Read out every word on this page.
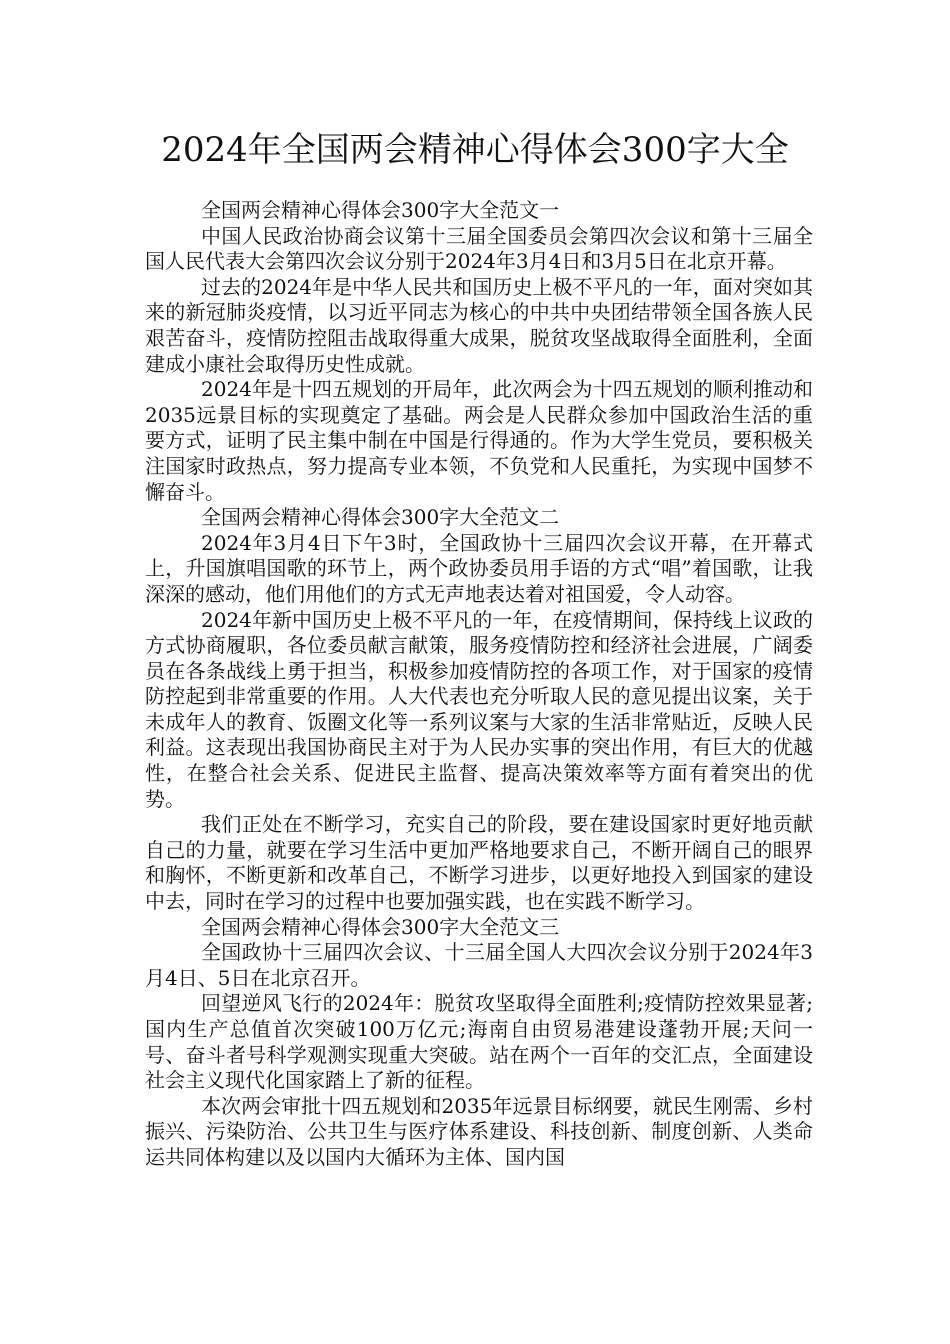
2024年全国两会精神心得体会300字大全

全国两会精神心得体会300字大全范文一

中国人民政治协商会议第十三届全国委员会第四次会议和第十三届全国人民代表大会第四次会议分别于2024年3月4日和3月5日在北京开幕。

过去的2024年是中华人民共和国历史上极不平凡的一年，面对突如其来的新冠肺炎疫情，以习近平同志为核心的中共中央团结带领全国各族人民艰苦奋斗，疫情防控阻击战取得重大成果，脱贫攻坚战取得全面胜利，全面建成小康社会取得历史性成就。

2024年是十四五规划的开局年，此次两会为十四五规划的顺利推动和2035远景目标的实现奠定了基础。两会是人民群众参加中国政治生活的重要方式，证明了民主集中制在中国是行得通的。作为大学生党员，要积极关注国家时政热点，努力提高专业本领，不负党和人民重托，为实现中国梦不懈奋斗。

全国两会精神心得体会300字大全范文二

2024年3月4日下午3时，全国政协十三届四次会议开幕，在开幕式上，升国旗唱国歌的环节上，两个政协委员用手语的方式“唱”着国歌，让我深深的感动，他们用他们的方式无声地表达着对祖国爱，令人动容。

2024年新中国历史上极不平凡的一年，在疫情期间，保持线上议政的方式协商履职，各位委员献言献策，服务疫情防控和经济社会进展，广阔委员在各条战线上勇于担当，积极参加疫情防控的各项工作，对于国家的疫情防控起到非常重要的作用。人大代表也充分听取人民的意见提出议案，关于未成年人的教育、饭圈文化等一系列议案与大家的生活非常贴近，反映人民利益。这表现出我国协商民主对于为人民办实事的突出作用，有巨大的优越性，在整合社会关系、促进民主监督、提高决策效率等方面有着突出的优势。

我们正处在不断学习，充实自己的阶段，要在建设国家时更好地贡献自己的力量，就要在学习生活中更加严格地要求自己，不断开阔自己的眼界和胸怀，不断更新和改革自己，不断学习进步，以更好地投入到国家的建设中去，同时在学习的过程中也要加强实践，也在实践不断学习。

全国两会精神心得体会300字大全范文三

全国政协十三届四次会议、十三届全国人大四次会议分别于2024年3月4日、5日在北京召开。

回望逆风飞行的2024年：脱贫攻坚取得全面胜利;疫情防控效果显著;国内生产总值首次突破100万亿元;海南自由贸易港建设蓬勃开展;天问一号、奋斗者号科学观测实现重大突破。站在两个一百年的交汇点，全面建设社会主义现代化国家踏上了新的征程。

本次两会审批十四五规划和2035年远景目标纲要，就民生刚需、乡村振兴、污染防治、公共卫生与医疗体系建设、科技创新、制度创新、人类命运共同体构建以及以国内大循环为主体、国内国
